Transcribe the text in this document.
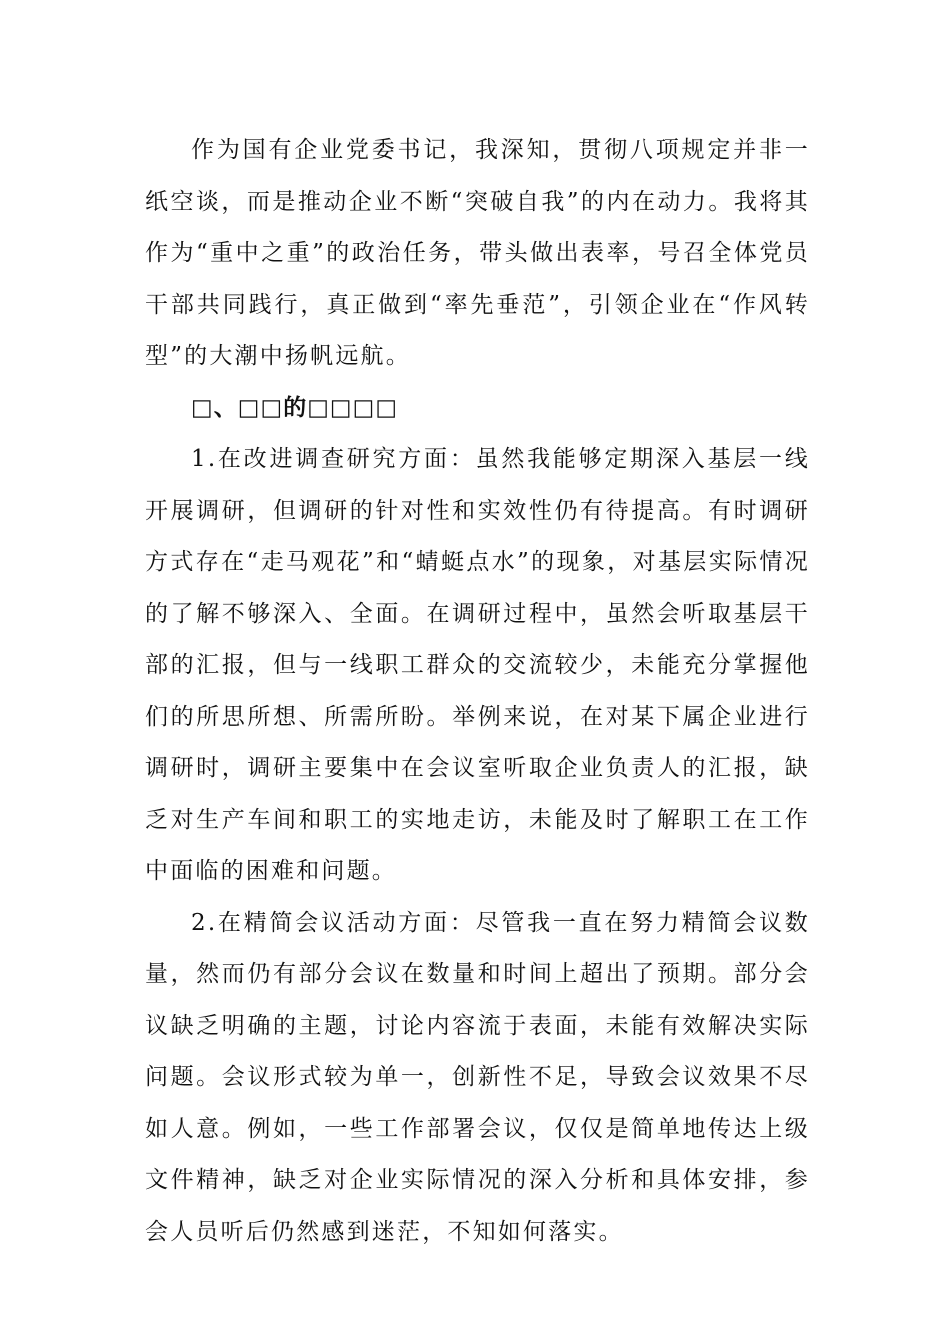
作为国有企业党委书记，我深知，贯彻八项规定并非一纸空谈，而是推动企业不断“突破自我”的内在动力。我将其作为“重中之重”的政治任务，带头做出表率，号召全体党员干部共同践行，真正做到“率先垂范”，引领企业在“作风转型”的大潮中扬帆远航。

□、□□的□□□□

1.在改进调查研究方面：虽然我能够定期深入基层一线开展调研，但调研的针对性和实效性仍有待提高。有时调研方式存在“走马观花”和“蜻蜓点水”的现象，对基层实际情况的了解不够深入、全面。在调研过程中，虽然会听取基层干部的汇报，但与一线职工群众的交流较少，未能充分掌握他们的所思所想、所需所盼。举例来说，在对某下属企业进行调研时，调研主要集中在会议室听取企业负责人的汇报，缺乏对生产车间和职工的实地走访，未能及时了解职工在工作中面临的困难和问题。

2.在精简会议活动方面：尽管我一直在努力精简会议数量，然而仍有部分会议在数量和时间上超出了预期。部分会议缺乏明确的主题，讨论内容流于表面，未能有效解决实际问题。会议形式较为单一，创新性不足，导致会议效果不尽如人意。例如，一些工作部署会议，仅仅是简单地传达上级文件精神，缺乏对企业实际情况的深入分析和具体安排，参会人员听后仍然感到迷茫，不知如何落实。
